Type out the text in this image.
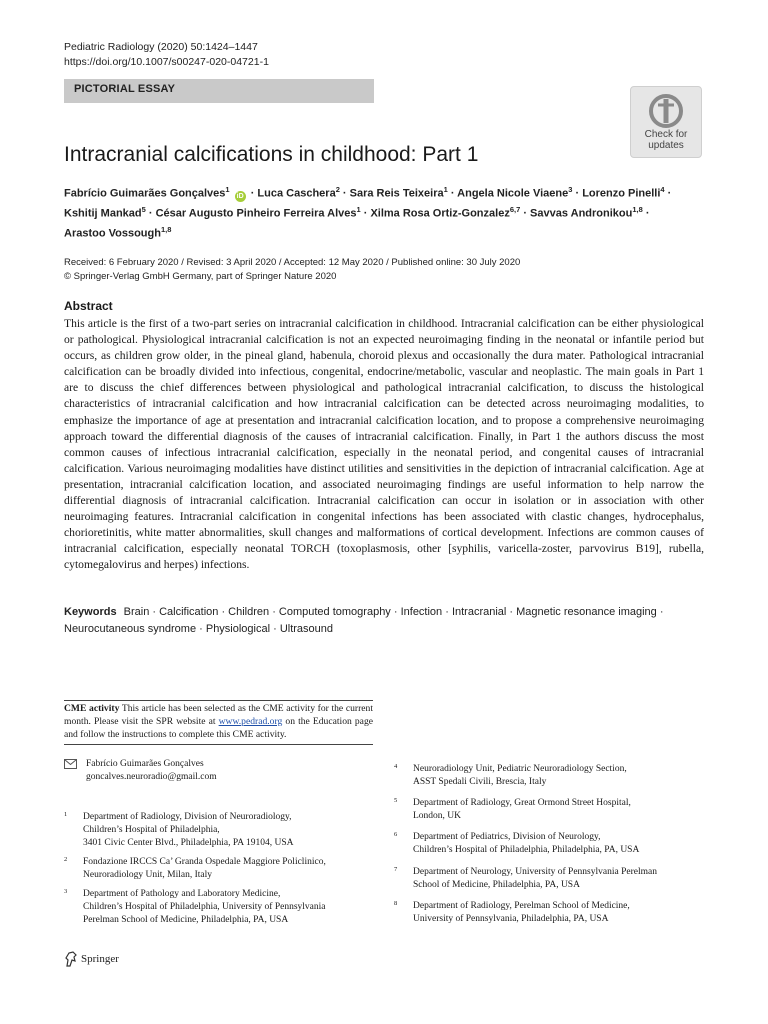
Pediatric Radiology (2020) 50:1424–1447
https://doi.org/10.1007/s00247-020-04721-1
PICTORIAL ESSAY
Check for
updates
Intracranial calcifications in childhood: Part 1
Fabrício Guimarães Gonçalves$^1$ iD · Luca Caschera$^2$ · Sara Reis Teixeira$^1$ · Angela Nicole Viaene$^3$ · Lorenzo Pinelli$^4$ ·
Kshitij Mankad$^5$ · César Augusto Pinheiro Ferreira Alves$^1$ · Xilma Rosa Ortiz-Gonzalez$^{6,7}$ · Savvas Andronikou$^{1,8}$ ·
Arastoo Vossough$^{1,8}$
Received: 6 February 2020 / Revised: 3 April 2020 / Accepted: 12 May 2020 / Published online: 30 July 2020
© Springer-Verlag GmbH Germany, part of Springer Nature 2020
Abstract
This article is the first of a two-part series on intracranial calcification in childhood. Intracranial calcification can be either physiological or pathological. Physiological intracranial calcification is not an expected neuroimaging finding in the neonatal or infantile period but occurs, as children grow older, in the pineal gland, habenula, choroid plexus and occasionally the dura mater. Pathological intracranial calcification can be broadly divided into infectious, congenital, endocrine/metabolic, vascular and neoplastic. The main goals in Part 1 are to discuss the chief differences between physiological and pathological intracranial calcification, to discuss the histological characteristics of intracranial calcification and how intracranial calcification can be detected across neuroimaging modalities, to emphasize the importance of age at presentation and intracranial calcification location, and to propose a comprehensive neuroimaging approach toward the differential diagnosis of the causes of intracranial calcification. Finally, in Part 1 the authors discuss the most common causes of infectious intracranial calcification, especially in the neonatal period, and congenital causes of intracranial calcification. Various neuroimaging modalities have distinct utilities and sensitivities in the depiction of intracranial calcification. Age at presentation, intracranial calcification location, and associated neuroimaging findings are useful information to help narrow the differential diagnosis of intracranial calcification. Intracranial calcification can occur in isolation or in association with other neuroimaging features. Intracranial calcification in congenital infections has been associated with clastic changes, hydrocephalus, chorioretinitis, white matter abnormalities, skull changes and malformations of cortical development. Infections are common causes of intracranial calcification, especially neonatal TORCH (toxoplasmosis, other [syphilis, varicella-zoster, parvovirus B19], rubella, cytomegalovirus and herpes) infections.
Keywords Brain · Calcification · Children · Computed tomography · Infection · Intracranial · Magnetic resonance imaging · Neurocutaneous syndrome · Physiological · Ultrasound
CME activity This article has been selected as the CME activity for the current month. Please visit the SPR website at www.pedrad.org on the Education page and follow the instructions to complete this CME activity.
Fabrício Guimarães Gonçalves
goncalves.neuroradio@gmail.com
1 Department of Radiology, Division of Neuroradiology,
Children’s Hospital of Philadelphia,
3401 Civic Center Blvd., Philadelphia, PA 19104, USA
2 Fondazione IRCCS Ca’ Granda Ospedale Maggiore Policlinico,
Neuroradiology Unit, Milan, Italy
3 Department of Pathology and Laboratory Medicine,
Children’s Hospital of Philadelphia, University of Pennsylvania
Perelman School of Medicine, Philadelphia, PA, USA
4 Neuroradiology Unit, Pediatric Neuroradiology Section,
ASST Spedali Civili, Brescia, Italy
5 Department of Radiology, Great Ormond Street Hospital,
London, UK
6 Department of Pediatrics, Division of Neurology,
Children’s Hospital of Philadelphia, Philadelphia, PA, USA
7 Department of Neurology, University of Pennsylvania Perelman
School of Medicine, Philadelphia, PA, USA
8 Department of Radiology, Perelman School of Medicine,
University of Pennsylvania, Philadelphia, PA, USA
Springer
